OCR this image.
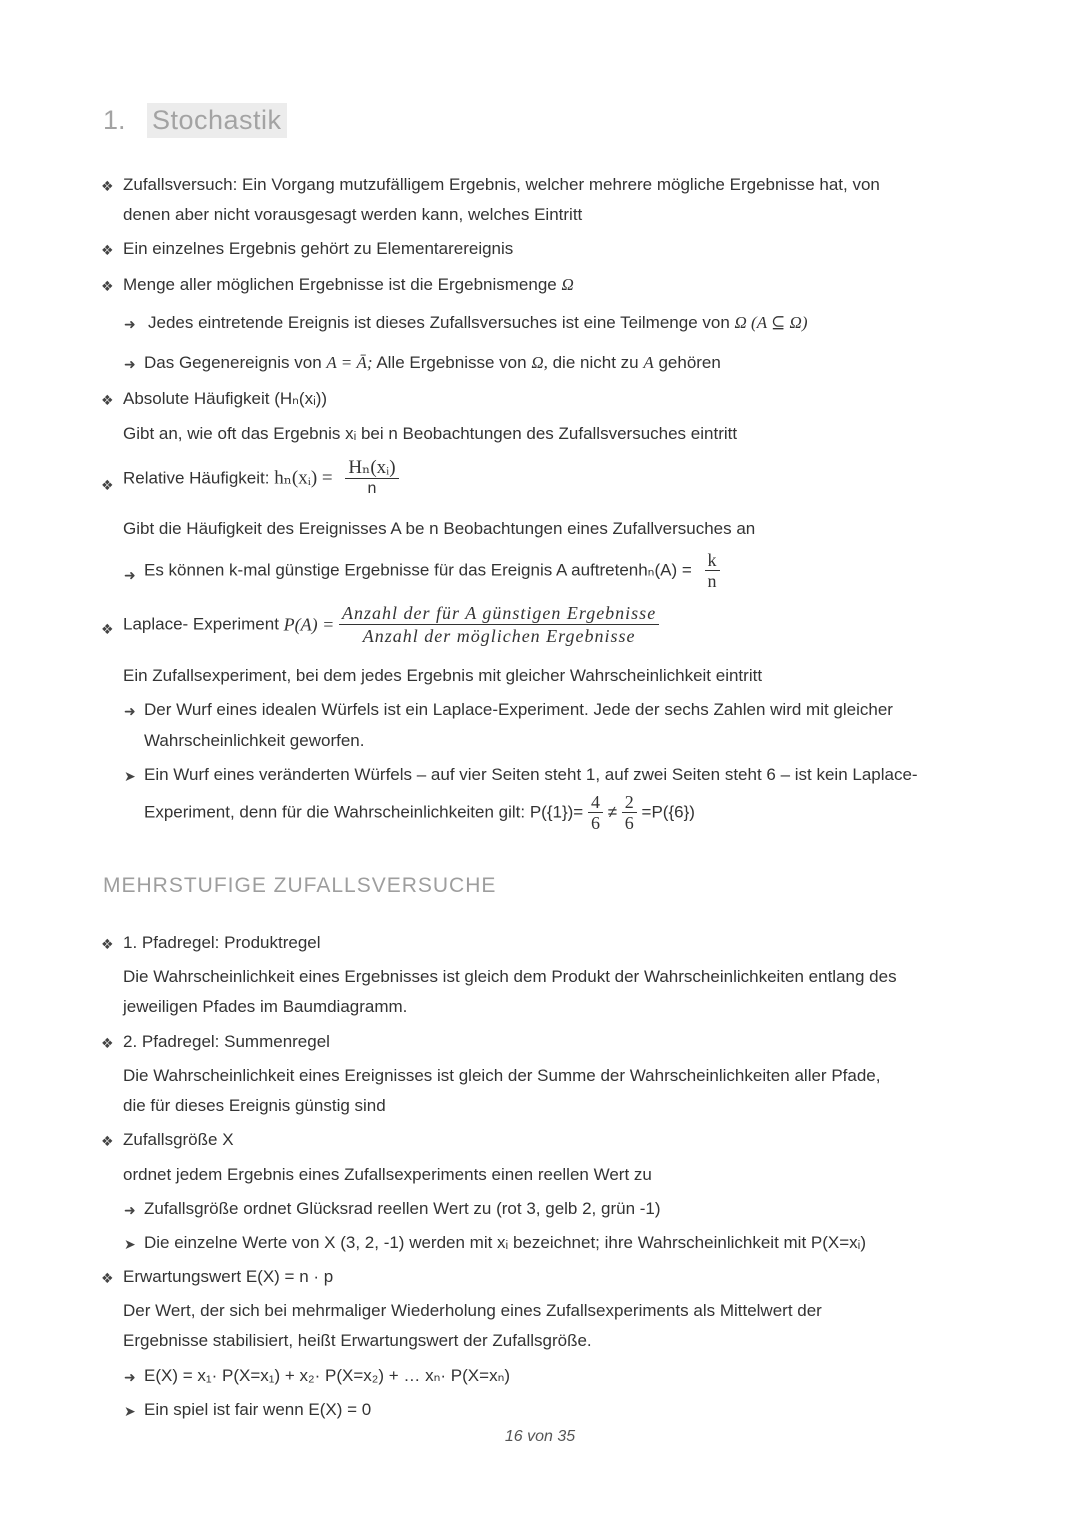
1. Stochastik
❖ Zufallsversuch: Ein Vorgang mutzufälligem Ergebnis, welcher mehrere mögliche Ergebnisse hat, von
denen aber nicht vorausgesagt werden kann, welches Eintritt
❖ Ein einzelnes Ergebnis gehört zu Elementarereignis
❖ Menge aller möglichen Ergebnisse ist die Ergebnismenge Ω
➜ Jedes eintretende Ereignis ist dieses Zufallsversuches ist eine Teilmenge von Ω (A ⊆ Ω)
➜ Das Gegenereignis von A = Ā; Alle Ergebnisse von Ω, die nicht zu A gehören
❖ Absolute Häufigkeit (Hₙ(xᵢ))
Gibt an, wie oft das Ergebnis xᵢ bei n Beobachtungen des Zufallsversuches eintritt
❖ Relative Häufigkeit: hₙ(xᵢ) = $\frac{\text{Hₙ(xᵢ)}}{n}$
Gibt die Häufigkeit des Ereignisses A be n Beobachtungen eines Zufallversuches an
➜ Es können k-mal günstige Ergebnisse für das Ereignis A auftretenhₙ(A) = $\frac{k}{n}$
❖ Laplace- Experiment $P(A) = \frac{\text{Anzahl der für A günstigen Ergebnisse}}{\text{Anzahl der möglichen Ergebnisse}}$
Ein Zufallsexperiment, bei dem jedes Ergebnis mit gleicher Wahrscheinlichkeit eintritt
➜ Der Wurf eines idealen Würfels ist ein Laplace-Experiment. Jede der sechs Zahlen wird mit gleicher
Wahrscheinlichkeit geworfen.
➤ Ein Wurf eines veränderten Würfels – auf vier Seiten steht 1, auf zwei Seiten steht 6 – ist kein Laplace-
Experiment, denn für die Wahrscheinlichkeiten gilt: $P(\{1\})= \frac{4}{6} \ne \frac{2}{6} =P(\{6\})$
MEHRSTUFIGE ZUFALLSVERSUCHE
❖ 1. Pfadregel: Produktregel
Die Wahrscheinlichkeit eines Ergebnisses ist gleich dem Produkt der Wahrscheinlichkeiten entlang des
jeweiligen Pfades im Baumdiagramm.
❖ 2. Pfadregel: Summenregel
Die Wahrscheinlichkeit eines Ereignisses ist gleich der Summe der Wahrscheinlichkeiten aller Pfade,
die für dieses Ereignis günstig sind
❖ Zufallsgröße X
ordnet jedem Ergebnis eines Zufallsexperiments einen reellen Wert zu
➜ Zufallsgröße ordnet Glücksrad reellen Wert zu (rot 3, gelb 2, grün -1)
➤ Die einzelne Werte von X (3, 2, -1) werden mit xᵢ bezeichnet; ihre Wahrscheinlichkeit mit P(X=xᵢ)
❖ Erwartungswert E(X) = n · p
Der Wert, der sich bei mehrmaliger Wiederholung eines Zufallsexperiments als Mittelwert der
Ergebnisse stabilisiert, heißt Erwartungswert der Zufallsgröße.
➜ E(X) = x₁· P(X=x₁) + x₂· P(X=x₂) + … xₙ· P(X=xₙ)
➤ Ein spiel ist fair wenn E(X) = 0
16 von 35
